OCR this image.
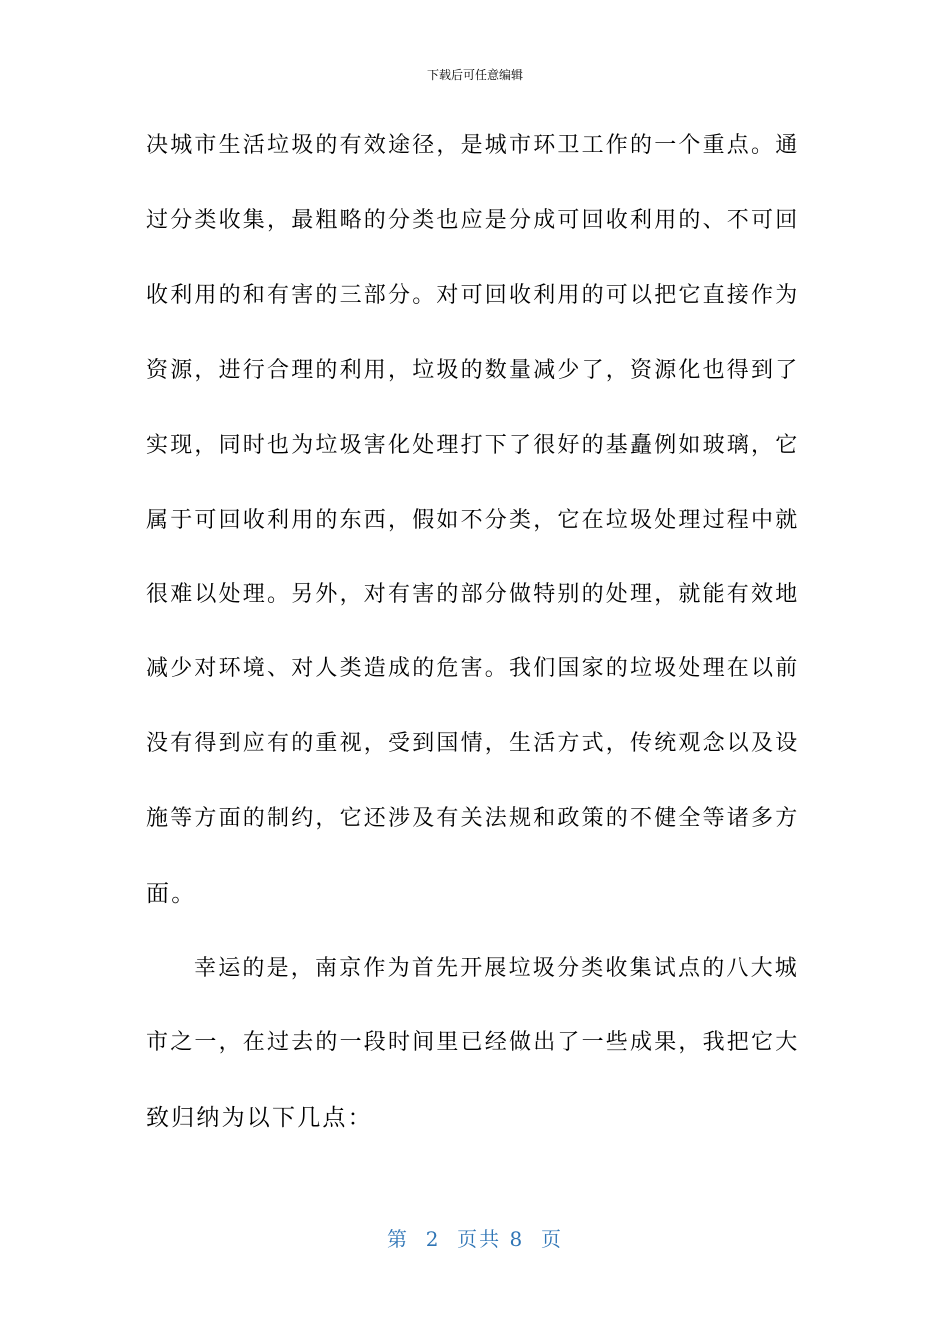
下载后可任意编辑
决城市生活垃圾的有效途径，是城市环卫工作的一个重点。通
过分类收集，最粗略的分类也应是分成可回收利用的、不可回
收利用的和有害的三部分。对可回收利用的可以把它直接作为
资源，进行合理的利用，垃圾的数量减少了，资源化也得到了
实现，同时也为垃圾害化处理打下了很好的基矗例如玻璃，它
属于可回收利用的东西，假如不分类，它在垃圾处理过程中就
很难以处理。另外，对有害的部分做特别的处理，就能有效地
减少对环境、对人类造成的危害。我们国家的垃圾处理在以前
没有得到应有的重视，受到国情，生活方式，传统观念以及设
施等方面的制约，它还涉及有关法规和政策的不健全等诸多方
面。
幸运的是，南京作为首先开展垃圾分类收集试点的八大城
市之一，在过去的一段时间里已经做出了一些成果，我把它大
致归纳为以下几点：
第  2  页共 8  页
